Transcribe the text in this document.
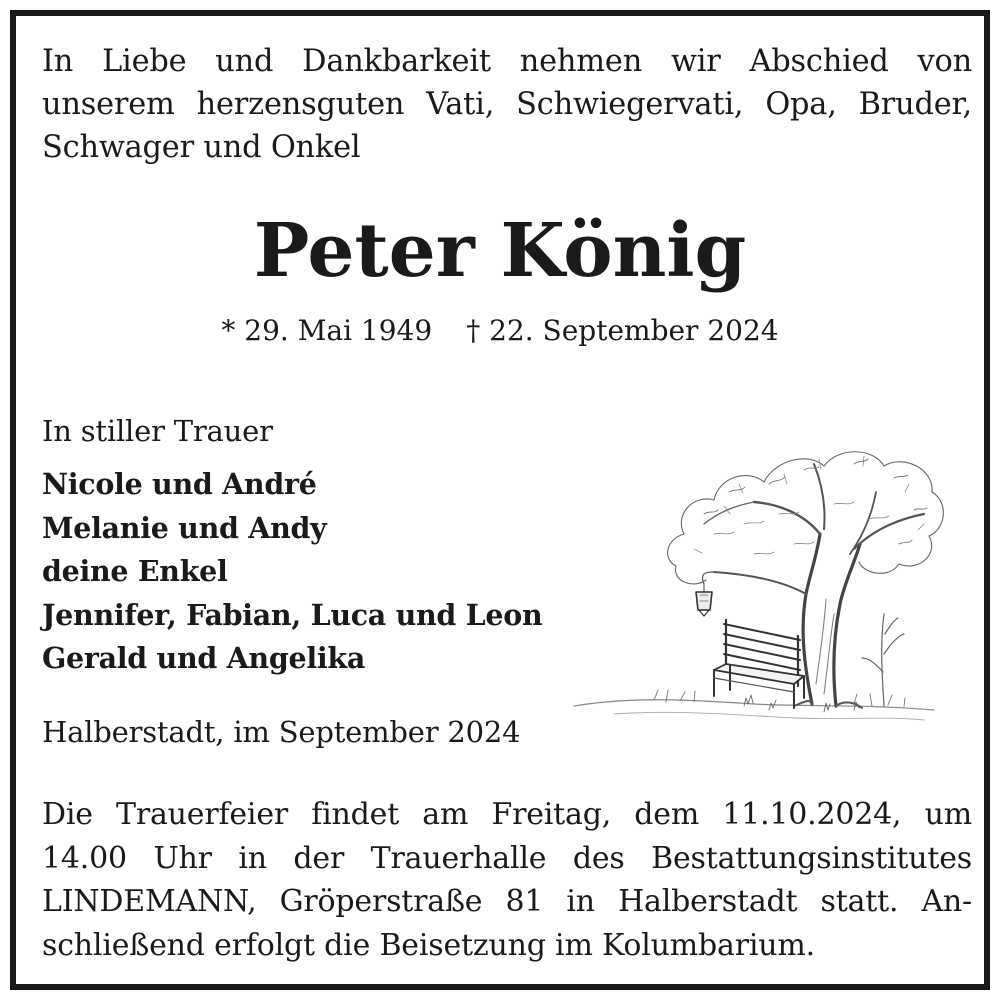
In Liebe und Dankbarkeit nehmen wir Abschied von
unserem herzensguten Vati, Schwiegervati, Opa, Bruder,
Schwager und Onkel
Peter König
* 29. Mai 1949 † 22. September 2024
In stiller Trauer
Nicole und André
Melanie und Andy
deine Enkel
Jennifer, Fabian, Luca und Leon
Gerald und Angelika
Halberstadt, im September 2024
Die Trauerfeier findet am Freitag, dem 11.10.2024, um
14.00 Uhr in der Trauerhalle des Bestattungsinstitutes
LINDEMANN, Gröperstraße 81 in Halberstadt statt. An-
schließend erfolgt die Beisetzung im Kolumbarium.
